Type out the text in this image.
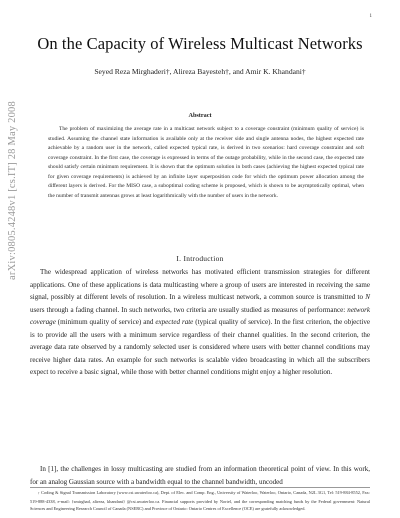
1
arXiv:0805.4248v1 [cs.IT] 28 May 2008
On the Capacity of Wireless Multicast Networks
Seyed Reza Mirghaderi†, Alireza Bayesteh†, and Amir K. Khandani†
Abstract

The problem of maximizing the average rate in a multicast network subject to a coverage constraint (minimum quality of service) is studied. Assuming the channel state information is available only at the receiver side and single antenna nodes, the highest expected rate achievable by a random user in the network, called expected typical rate, is derived in two scenarios: hard coverage constraint and soft coverage constraint. In the first case, the coverage is expressed in terms of the outage probability, while in the second case, the expected rate should satisfy certain minimum requirement. It is shown that the optimum solution in both cases (achieving the highest expected typical rate for given coverage requirements) is achieved by an infinite layer superposition code for which the optimum power allocation among the different layers is derived. For the MISO case, a suboptimal coding scheme is proposed, which is shown to be asymptotically optimal, when the number of transmit antennas grows at least logarithmically with the number of users in the network.

I. Introduction

The widespread application of wireless networks has motivated efficient transmission strategies for different applications. One of these applications is data multicasting where a group of users are interested in receiving the same signal, possibly at different levels of resolution. In a wireless multicast network, a common source is transmitted to N users through a fading channel. In such networks, two criteria are usually studied as measures of performance: network coverage (minimum quality of service) and expected rate (typical quality of service). In the first criterion, the objective is to provide all the users with a minimum service regardless of their channel qualities. In the second criterion, the average data rate observed by a randomly selected user is considered where users with better channel conditions may receive higher data rates. An example for such networks is scalable video broadcasting in which all the subscribers expect to receive a basic signal, while those with better channel conditions might enjoy a higher resolution.

In [1], the challenges in lossy multicasting are studied from an information theoretical point of view. In this work, for an analog Gaussian source with a bandwidth equal to the channel bandwidth, uncoded

† Coding & Signal Transmission Laboratory (www.cst.uwaterloo.ca), Dept. of Elec. and Comp. Eng., University of Waterloo, Waterloo, Ontario, Canada, N2L 3G1, Tel: 519-884-8552, Fax: 519-888-4338, e-mail: {smirghad, alireza, khandani} @cst.uwaterloo.ca. Financial supports provided by Nortel, and the corresponding matching funds by the Federal government: Natural Sciences and Engineering Research Council of Canada (NSERC) and Province of Ontario: Ontario Centres of Excellence (OCE) are gratefully acknowledged.
